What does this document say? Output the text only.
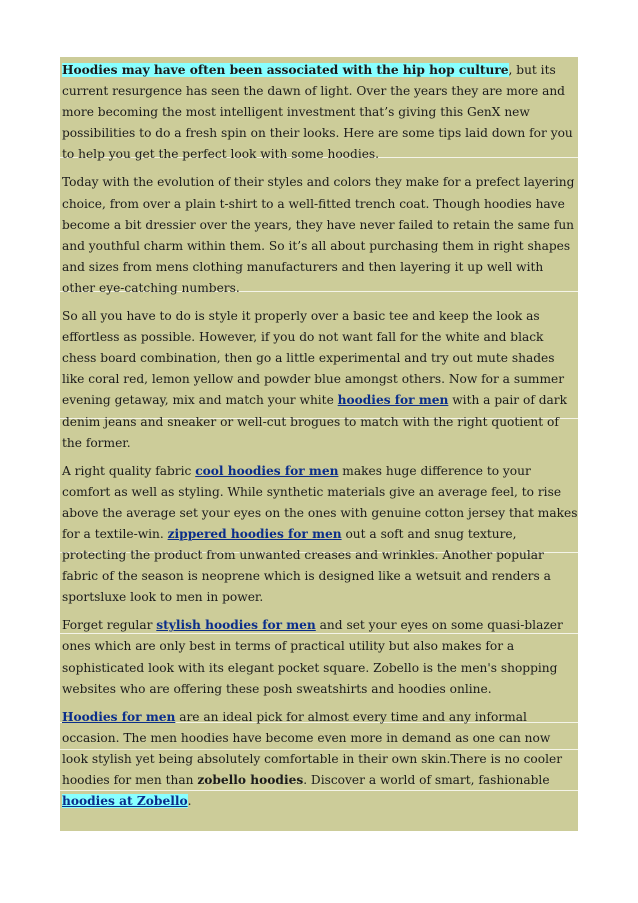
Hoodies may have often been associated with the hip hop culture, but its current resurgence has seen the dawn of light. Over the years they are more and more becoming the most intelligent investment that’s giving this GenX new possibilities to do a fresh spin on their looks. Here are some tips laid down for you to help you get the perfect look with some hoodies.

Today with the evolution of their styles and colors they make for a prefect layering choice, from over a plain t-shirt to a well-fitted trench coat. Though hoodies have become a bit dressier over the years, they have never failed to retain the same fun and youthful charm within them. So it’s all about purchasing them in right shapes and sizes from mens clothing manufacturers and then layering it up well with other eye-catching numbers.

So all you have to do is style it properly over a basic tee and keep the look as effortless as possible. However, if you do not want fall for the white and black chess board combination, then go a little experimental and try out mute shades like coral red, lemon yellow and powder blue amongst others. Now for a summer evening getaway, mix and match your white hoodies for men with a pair of dark denim jeans and sneaker or well-cut brogues to match with the right quotient of the former.

A right quality fabric cool hoodies for men makes huge difference to your comfort as well as styling. While synthetic materials give an average feel, to rise above the average set your eyes on the ones with genuine cotton jersey that makes for a textile-win. zippered hoodies for men out a soft and snug texture, protecting the product from unwanted creases and wrinkles. Another popular fabric of the season is neoprene which is designed like a wetsuit and renders a sportsluxe look to men in power.

Forget regular stylish hoodies for men and set your eyes on some quasi-blazer ones which are only best in terms of practical utility but also makes for a sophisticated look with its elegant pocket square. Zobello is the men's shopping websites who are offering these posh sweatshirts and hoodies online.

Hoodies for men are an ideal pick for almost every time and any informal occasion. The men hoodies have become even more in demand as one can now look stylish yet being absolutely comfortable in their own skin.There is no cooler hoodies for men than zobello hoodies. Discover a world of smart, fashionable hoodies at Zobello.
